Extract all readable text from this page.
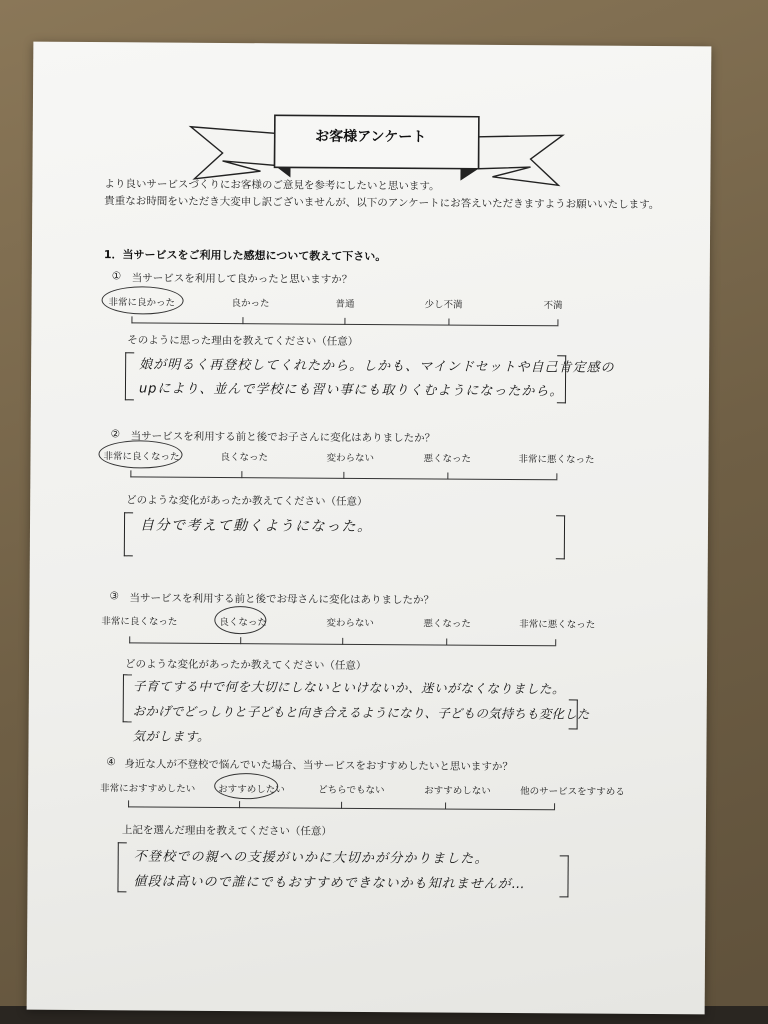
お客様アンケート
より良いサービスづくりにお客様のご意見を参考にしたいと思います。
貴重なお時間をいただき大変申し訳ございませんが、以下のアンケートにお答えいただきますようお願いいたします。
1．当サービスをご利用した感想について教えて下さい。
① 当サービスを利用して良かったと思いますか？
非常に良かった	良かった	普通	少し不満	不満
そのように思った理由を教えてください（任意）
娘が明るく再登校してくれたから。しかも、マインドセットや自己肯定感の
upにより、並んで学校にも習い事にも取りくむようになったから。
② 当サービスを利用する前と後でお子さんに変化はありましたか？
非常に良くなった	良くなった	変わらない	悪くなった	非常に悪くなった
どのような変化があったか教えてください（任意）
自分で考えて動くようになった。
③ 当サービスを利用する前と後でお母さんに変化はありましたか？
非常に良くなった	良くなった	変わらない	悪くなった	非常に悪くなった
どのような変化があったか教えてください（任意）
子育てする中で何を大切にしないといけないか、迷いがなくなりました。
おかげでどっしりと子どもと向き合えるようになり、子どもの気持ちも変化した
気がします。
④ 身近な人が不登校で悩んでいた場合、当サービスをおすすめしたいと思いますか？
非常におすすめしたい おすすめしたい	どちらでもない	おすすめしない	他のサービスをすすめる
上記を選んだ理由を教えてください（任意）
不登校での親への支援がいかに大切かが分かりました。
値段は高いので誰にでもおすすめできないかも知れませんが…
